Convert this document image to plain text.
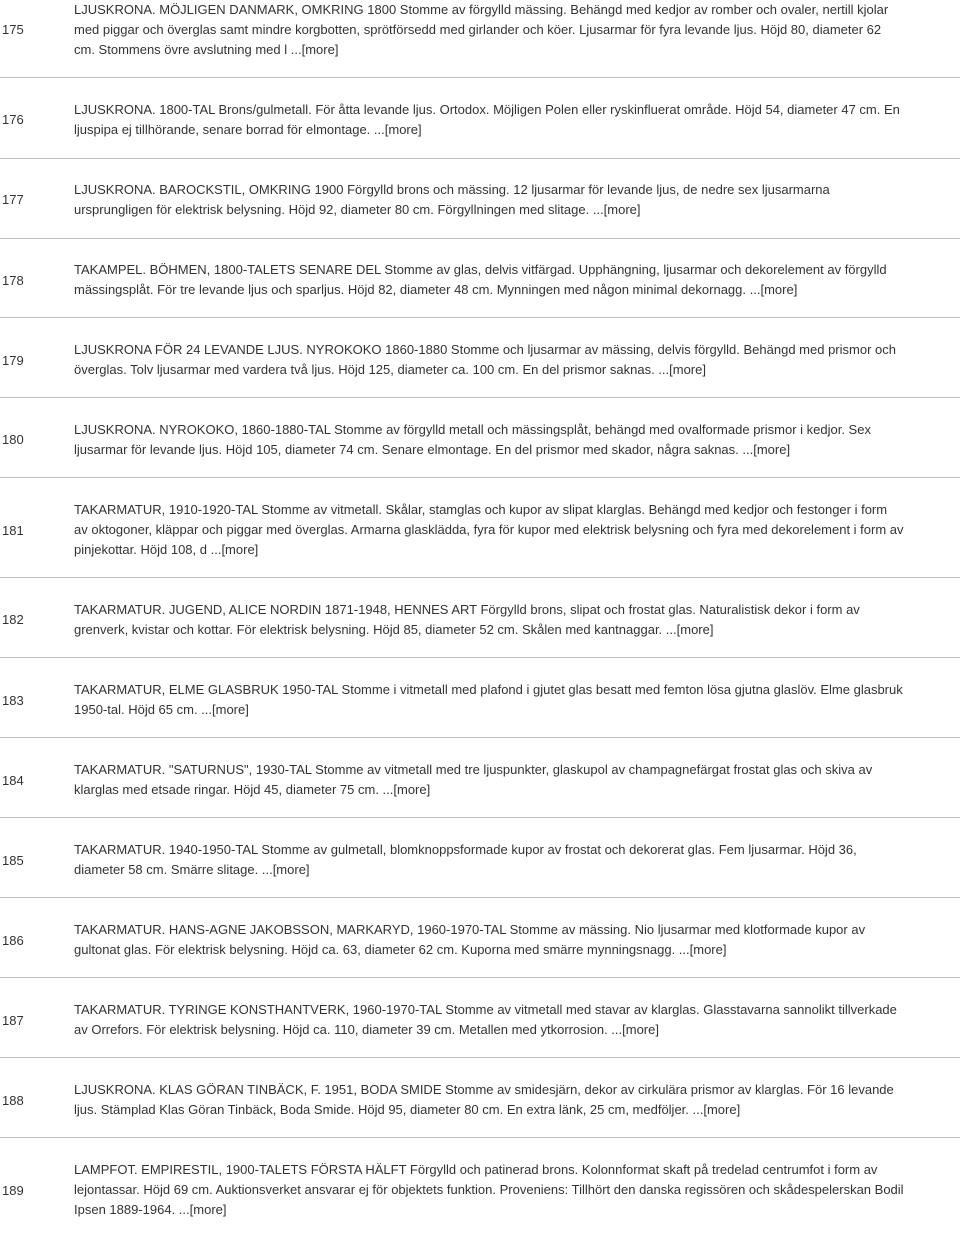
175
LJUSKRONA. MÖJLIGEN DANMARK, OMKRING 1800 Stomme av förgylld mässing. Behängd med kedjor av romber och ovaler, nertill kjolar med piggar och överglas samt mindre korgbotten, sprötförsedd med girlander och köer. Ljusarmar för fyra levande ljus. Höjd 80, diameter 62 cm. Stommens övre avslutning med l ...[more]
176
LJUSKRONA. 1800-TAL Brons/gulmetall. För åtta levande ljus. Ortodox. Möjligen Polen eller ryskinfluerat område. Höjd 54, diameter 47 cm. En ljuspipa ej tillhörande, senare borrad för elmontage. ...[more]
177
LJUSKRONA. BAROCKSTIL, OMKRING 1900 Förgylld brons och mässing. 12 ljusarmar för levande ljus, de nedre sex ljusarmarna ursprungligen för elektrisk belysning. Höjd 92, diameter 80 cm. Förgyllningen med slitage. ...[more]
178
TAKAMPEL. BÖHMEN, 1800-TALETS SENARE DEL Stomme av glas, delvis vitfärgad. Upphängning, ljusarmar och dekorelement av förgylld mässingsplåt. För tre levande ljus och sparljus. Höjd 82, diameter 48 cm. Mynningen med någon minimal dekornagg. ...[more]
179
LJUSKRONA FÖR 24 LEVANDE LJUS. NYROKOKO 1860-1880 Stomme och ljusarmar av mässing, delvis förgylld. Behängd med prismor och överglas. Tolv ljusarmar med vardera två ljus. Höjd 125, diameter ca. 100 cm. En del prismor saknas. ...[more]
180
LJUSKRONA. NYROKOKO, 1860-1880-TAL Stomme av förgylld metall och mässingsplåt, behängd med ovalformade prismor i kedjor. Sex ljusarmar för levande ljus. Höjd 105, diameter 74 cm. Senare elmontage. En del prismor med skador, några saknas. ...[more]
181
TAKARMATUR, 1910-1920-TAL Stomme av vitmetall. Skålar, stamglas och kupor av slipat klarglas. Behängd med kedjor och festonger i form av oktogoner, kläppar och piggar med överglas. Armarna glasklädda, fyra för kupor med elektrisk belysning och fyra med dekorelement i form av pinjekottar. Höjd 108, d ...[more]
182
TAKARMATUR. JUGEND, ALICE NORDIN 1871-1948, HENNES ART Förgylld brons, slipat och frostat glas. Naturalistisk dekor i form av grenverk, kvistar och kottar. För elektrisk belysning. Höjd 85, diameter 52 cm. Skålen med kantnaggar. ...[more]
183
TAKARMATUR, ELME GLASBRUK 1950-TAL Stomme i vitmetall med plafond i gjutet glas besatt med femton lösa gjutna glaslöv. Elme glasbruk 1950-tal. Höjd 65 cm. ...[more]
184
TAKARMATUR. "SATURNUS", 1930-TAL Stomme av vitmetall med tre ljuspunkter, glaskupol av champagnefärgat frostat glas och skiva av klarglas med etsade ringar. Höjd 45, diameter 75 cm. ...[more]
185
TAKARMATUR. 1940-1950-TAL Stomme av gulmetall, blomknoppsformade kupor av frostat och dekorerat glas. Fem ljusarmar. Höjd 36, diameter 58 cm. Smärre slitage. ...[more]
186
TAKARMATUR. HANS-AGNE JAKOBSSON, MARKARYD, 1960-1970-TAL Stomme av mässing. Nio ljusarmar med klotformade kupor av gultonat glas. För elektrisk belysning. Höjd ca. 63, diameter 62 cm. Kuporna med smärre mynningsnagg. ...[more]
187
TAKARMATUR. TYRINGE KONSTHANTVERK, 1960-1970-TAL Stomme av vitmetall med stavar av klarglas. Glasstavarna sannolikt tillverkade av Orrefors. För elektrisk belysning. Höjd ca. 110, diameter 39 cm. Metallen med ytkorrosion. ...[more]
188
LJUSKRONA. KLAS GÖRAN TINBÄCK, F. 1951, BODA SMIDE Stomme av smidesjärn, dekor av cirkulära prismor av klarglas. För 16 levande ljus. Stämplad Klas Göran Tinbäck, Boda Smide. Höjd 95, diameter 80 cm. En extra länk, 25 cm, medföljer. ...[more]
189
LAMPFOT. EMPIRESTIL, 1900-TALETS FÖRSTA HÄLFT Förgylld och patinerad brons. Kolonnformat skaft på tredelad centrumfot i form av lejontassar. Höjd 69 cm. Auktionsverket ansvarar ej för objektets funktion. Proveniens: Tillhört den danska regissören och skådespelerskan Bodil Ipsen 1889-1964. ...[more]
